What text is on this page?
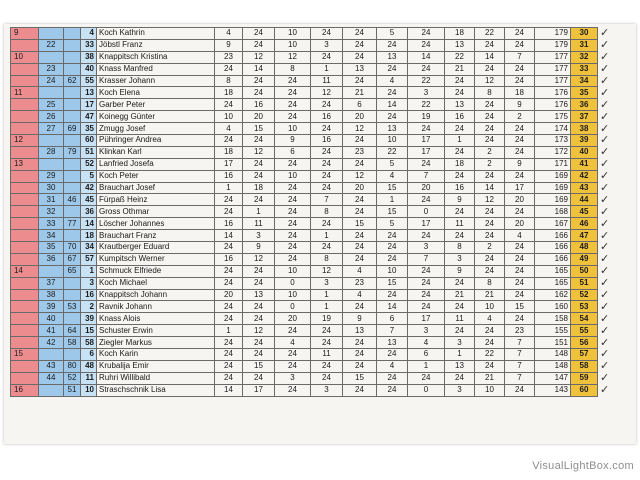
9			4	Koch Kathrin	4	24	10	24	24	5	24	18	22	24	179	30	✓
	22		33	Jöbstl Franz	9	24	10	3	24	24	24	13	24	24	179	31	✓
10			38	Knappitsch Kristina	23	12	12	24	24	13	14	22	14	7	177	32	✓
	23		40	Knass Manfred	24	14	8	1	13	24	24	21	24	24	177	33	✓
	24	62	55	Krasser Johann	8	24	24	11	24	4	22	24	12	24	177	34	✓
11			13	Koch Elena	18	24	24	12	21	24	3	24	8	18	176	35	✓
	25		17	Garber Peter	24	16	24	24	6	14	22	13	24	9	176	36	✓
	26		47	Koinegg Günter	10	20	24	16	20	24	19	16	24	2	175	37	✓
	27	69	35	Zmugg Josef	4	15	10	24	12	13	24	24	24	24	174	38	✓
12			60	Pühringer Andrea	24	24	9	16	24	10	17	1	24	24	173	39	✓
	28	79	51	Klinkan Karl	18	12	6	24	23	22	17	24	2	24	172	40	✓
13			52	Lanfried Josefa	17	24	24	24	24	5	24	18	2	9	171	41	✓
	29		5	Koch Peter	16	24	10	24	12	4	7	24	24	24	169	42	✓
	30		42	Brauchart Josef	1	18	24	24	20	15	20	16	14	17	169	43	✓
	31	46	45	Fürpaß Heinz	24	24	24	7	24	1	24	9	12	20	169	44	✓
	32		36	Gross Othmar	24	1	24	8	24	15	0	24	24	24	168	45	✓
	33	77	14	Löscher Johannes	16	11	24	24	15	5	17	11	24	20	167	46	✓
	34		18	Brauchart Franz	14	3	24	1	24	24	24	24	24	4	166	47	✓
	35	70	34	Krautberger Eduard	24	9	24	24	24	24	3	8	2	24	166	48	✓
	36	67	57	Kumpitsch Werner	16	12	24	8	24	24	7	3	24	24	166	49	✓
14		65	1	Schmuck Elfriede	24	24	10	12	4	10	24	9	24	24	165	50	✓
	37		3	Koch Michael	24	24	0	3	23	15	24	24	8	24	165	51	✓
	38		16	Knappitsch Johann	20	13	10	1	4	24	24	21	21	24	162	52	✓
	39	53	2	Ravnik Johann	24	24	0	1	24	14	24	24	10	15	160	53	✓
	40		39	Knass Alois	24	24	20	19	9	6	17	11	4	24	158	54	✓
	41	64	15	Schuster Erwin	1	12	24	24	13	7	3	24	24	23	155	55	✓
	42	58	58	Ziegler Markus	24	24	4	24	24	13	4	3	24	7	151	56	✓
15			6	Koch Karin	24	24	24	11	24	24	6	1	22	7	148	57	✓
	43	80	48	Krubalija Emir	24	15	24	24	24	4	1	13	24	7	148	58	✓
	44	52	11	Ruhri Willibald	24	24	3	24	15	24	24	24	21	7	147	59	✓
16		51	10	Straschschnik Lisa	14	17	24	3	24	24	0	3	10	24	143	60	✓
VisualLightBox.com
